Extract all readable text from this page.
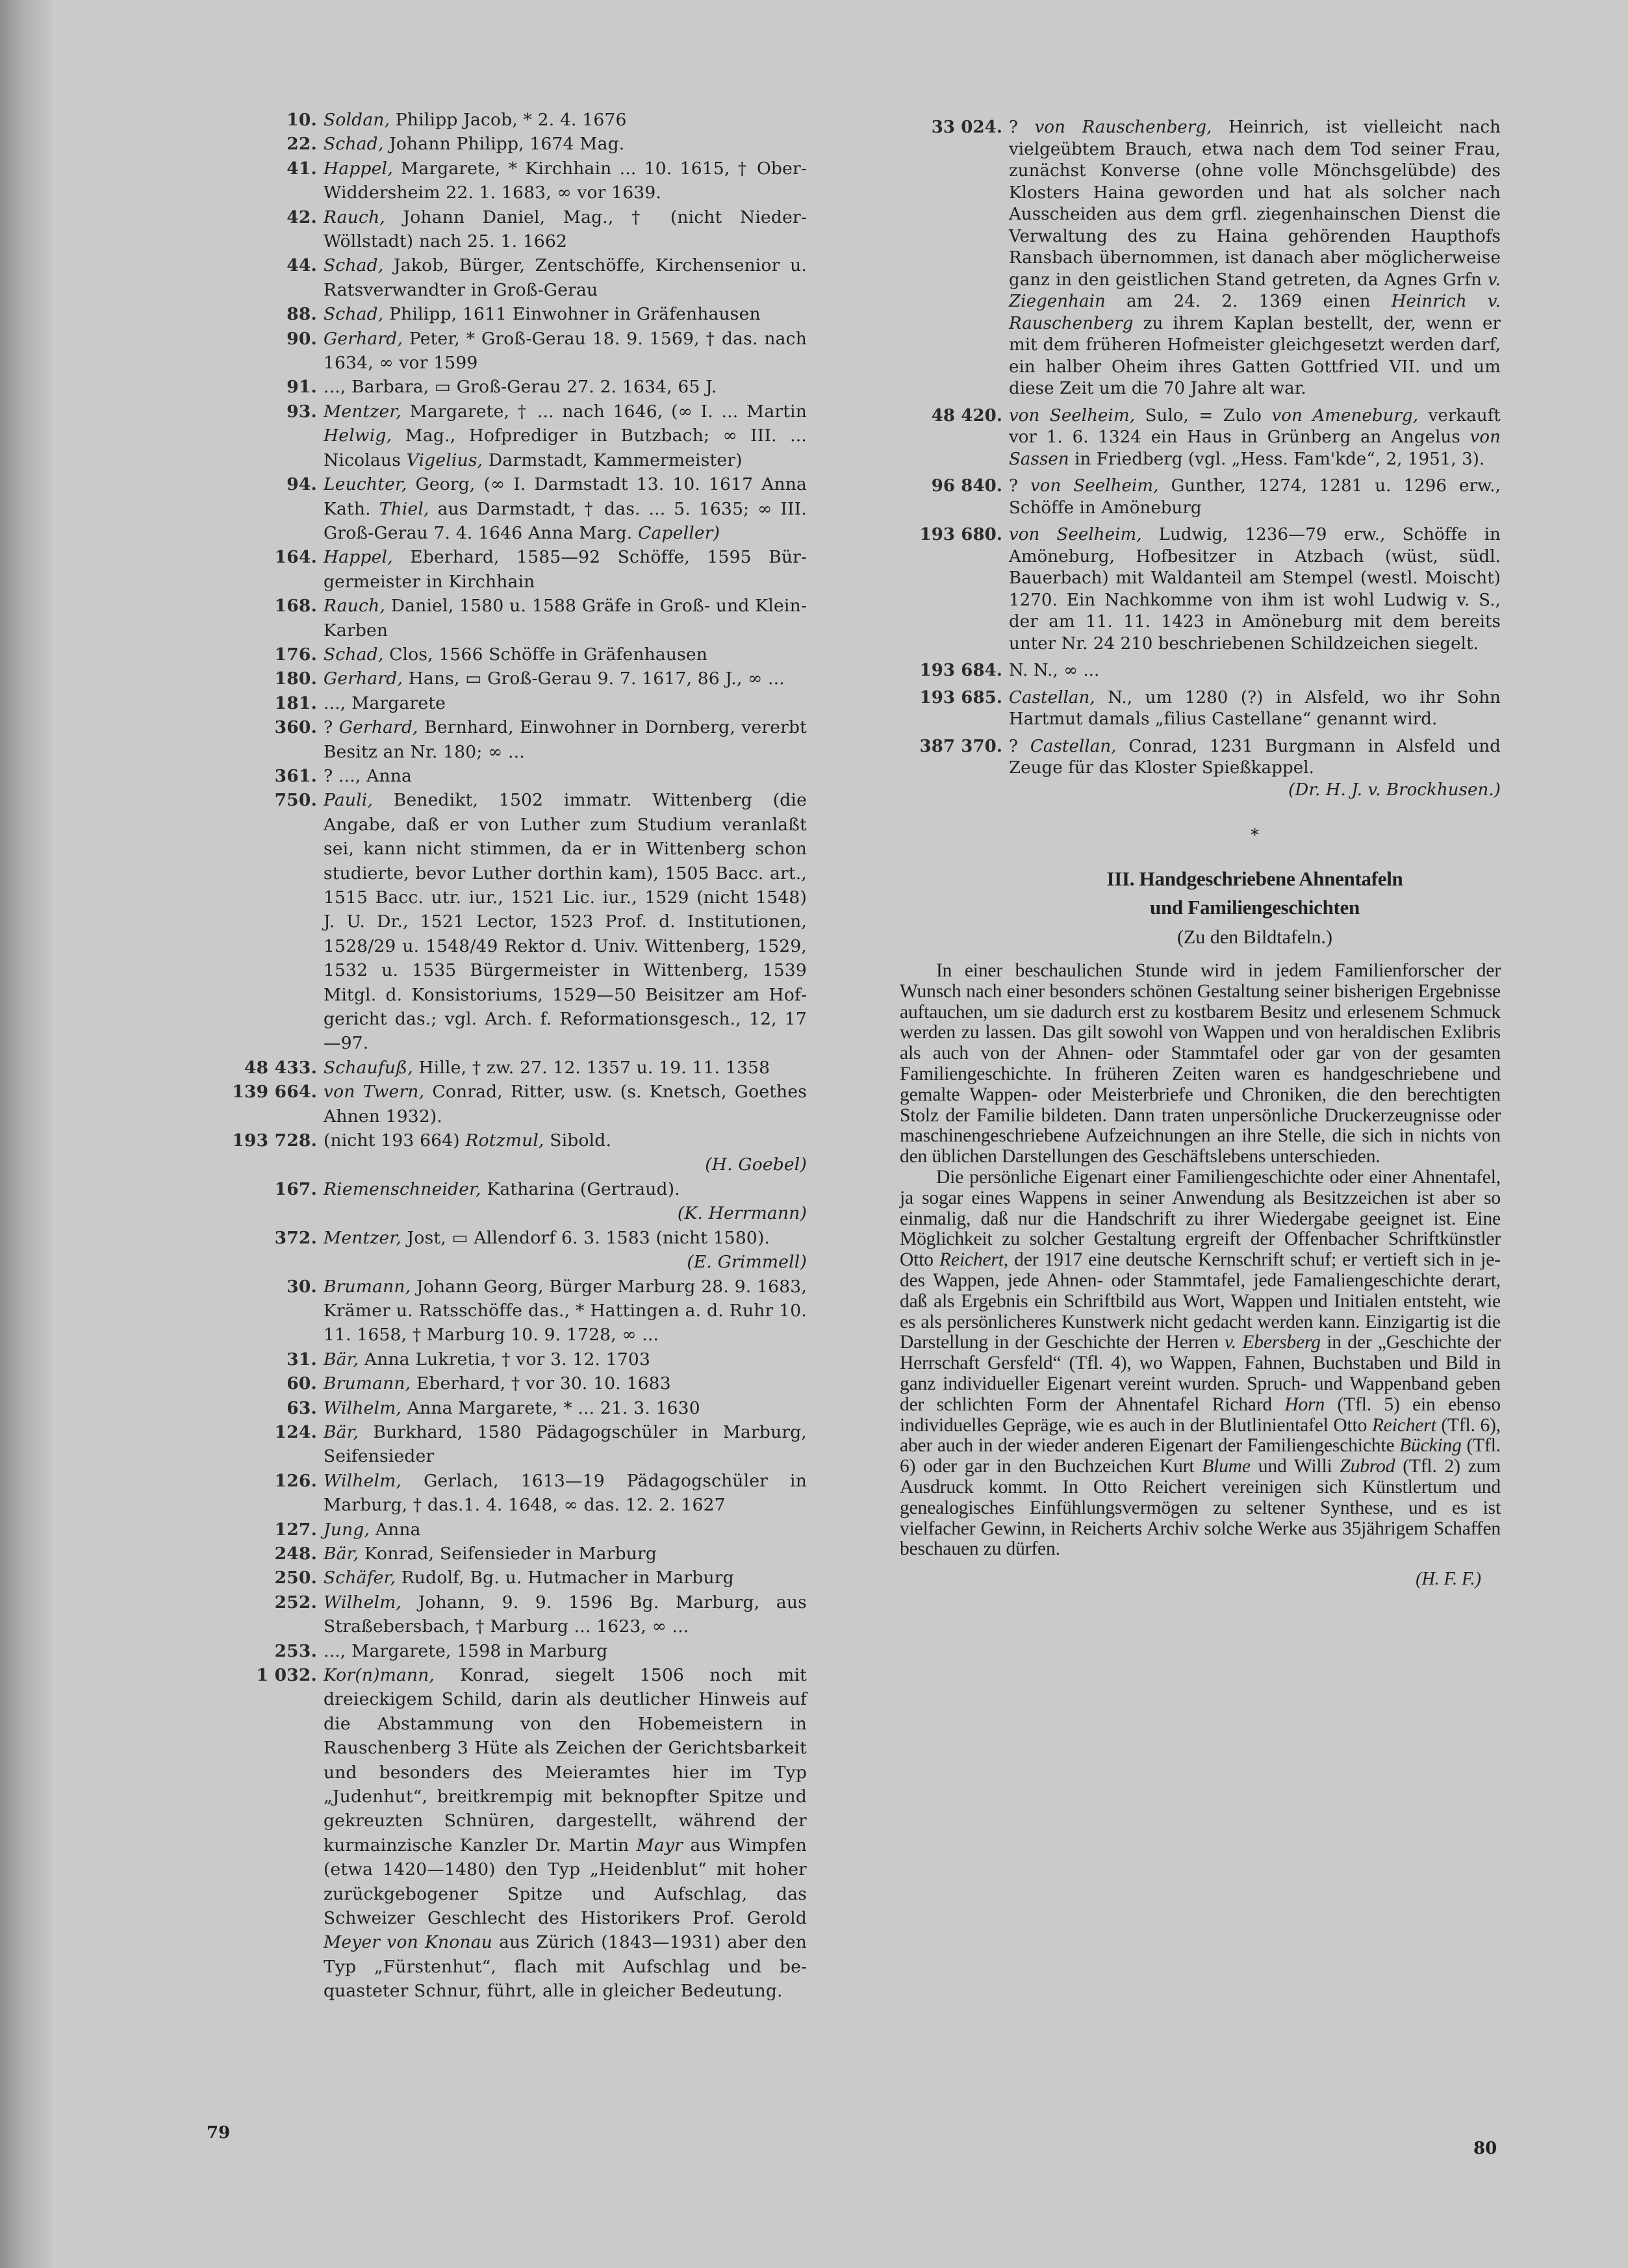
10. Soldan, Philipp Jacob, * 2. 4. 1676
22. Schad, Johann Philipp, 1674 Mag.
41. Happel, Margarete, * Kirchhain ... 10. 1615, † Ober-Widdersheim 22. 1. 1683, ∞ vor 1639.
42. Rauch, Johann Daniel, Mag., † (nicht Nieder-Wöllstadt) nach 25. 1. 1662
44. Schad, Jakob, Bürger, Zentschöffe, Kirchensenior u. Ratsverwandter in Groß-Gerau
88. Schad, Philipp, 1611 Einwohner in Gräfenhausen
90. Gerhard, Peter, * Groß-Gerau 18. 9. 1569, † das. nach 1634, ∞ vor 1599
91. ..., Barbara, ▭ Groß-Gerau 27. 2. 1634, 65 J.
93. Mentzer, Margarete, † ... nach 1646, (∞ I. ... Martin Helwig, Mag., Hofprediger in Butzbach; ∞ III. ... Nicolaus Vigelius, Darmstadt, Kammermeister)
94. Leuchter, Georg, (∞ I. Darmstadt 13. 10. 1617 Anna Kath. Thiel, aus Darmstadt, † das. ... 5. 1635; ∞ III. Groß-Gerau 7. 4. 1646 Anna Marg. Capeller)
164. Happel, Eberhard, 1585—92 Schöffe, 1595 Bürgermeister in Kirchhain
168. Rauch, Daniel, 1580 u. 1588 Gräfe in Groß- und Klein-Karben
176. Schad, Clos, 1566 Schöffe in Gräfenhausen
180. Gerhard, Hans, ▭ Groß-Gerau 9. 7. 1617, 86 J., ∞ ...
181. ..., Margarete
360. ? Gerhard, Bernhard, Einwohner in Dornberg, vererbt Besitz an Nr. 180; ∞ ...
361. ? ..., Anna
750. Pauli, Benedikt, 1502 immatr. Wittenberg (die Angabe, daß er von Luther zum Studium veranlaßt sei, kann nicht stimmen, da er in Wittenberg schon studierte, bevor Luther dorthin kam), 1505 Bacc. art., 1515 Bacc. utr. iur., 1521 Lic. iur., 1529 (nicht 1548) J. U. Dr., 1521 Lector, 1523 Prof. d. Institutionen, 1528/29 u. 1548/49 Rektor d. Univ. Wittenberg, 1529, 1532 u. 1535 Bürgermeister in Wittenberg, 1539 Mitgl. d. Konsistoriums, 1529—50 Beisitzer am Hofgericht das.; vgl. Arch. f. Reformationsgesch., 12, 17—97.
48 433. Schaufuß, Hille, † zw. 27. 12. 1357 u. 19. 11. 1358
139 664. von Twern, Conrad, Ritter, usw. (s. Knetsch, Goethes Ahnen 1932).
193 728. (nicht 193 664) Rotzmul, Sibold.
(H. Goebel)
167. Riemenschneider, Katharina (Gertraud).
(K. Herrmann)
372. Mentzer, Jost, ▭ Allendorf 6. 3. 1583 (nicht 1580).
(E. Grimmell)
30. Brumann, Johann Georg, Bürger Marburg 28. 9. 1683, Krämer u. Ratsschöffe das., * Hattingen a. d. Ruhr 10. 11. 1658, † Marburg 10. 9. 1728, ∞ ...
31. Bär, Anna Lukretia, † vor 3. 12. 1703
60. Brumann, Eberhard, † vor 30. 10. 1683
63. Wilhelm, Anna Margarete, * ... 21. 3. 1630
124. Bär, Burkhard, 1580 Pädagogschüler in Marburg, Seifensieder
126. Wilhelm, Gerlach, 1613—19 Pädagogschüler in Marburg, † das.1. 4. 1648, ∞ das. 12. 2. 1627
127. Jung, Anna
248. Bär, Konrad, Seifensieder in Marburg
250. Schäfer, Rudolf, Bg. u. Hutmacher in Marburg
252. Wilhelm, Johann, 9. 9. 1596 Bg. Marburg, aus Straßebersbach, † Marburg ... 1623, ∞ ...
253. ..., Margarete, 1598 in Marburg
1 032. Kor(n)mann, Konrad, siegelt 1506 noch mit dreieckigem Schild, darin als deutlicher Hinweis auf die Abstammung von den Hobemeistern in Rauschenberg 3 Hüte als Zeichen der Gerichtsbarkeit und besonders des Meieramtes hier im Typ „Judenhut“, breitkrempig mit beknopfter Spitze und gekreuzten Schnüren, dargestellt, während der kurmainzische Kanzler Dr. Martin Mayr aus Wimpfen (etwa 1420—1480) den Typ „Heidenblut“ mit hoher zurückgebogener Spitze und Aufschlag, das Schweizer Geschlecht des Historikers Prof. Gerold Meyer von Knonau aus Zürich (1843—1931) aber den Typ „Fürstenhut“, flach mit Aufschlag und bequasteter Schnur, führt, alle in gleicher Bedeutung.
33 024. ? von Rauschenberg, Heinrich, ist vielleicht nach vielgeübtem Brauch, etwa nach dem Tod seiner Frau, zunächst Konverse (ohne volle Mönchsgelübde) des Klosters Haina geworden und hat als solcher nach Ausscheiden aus dem grfl. ziegenhainschen Dienst die Verwaltung des zu Haina gehörenden Haupthofs Ransbach übernommen, ist danach aber möglicherweise ganz in den geistlichen Stand getreten, da Agnes Grfn v. Ziegenhain am 24. 2. 1369 einen Heinrich v. Rauschenberg zu ihrem Kaplan bestellt, der, wenn er mit dem früheren Hofmeister gleichgesetzt werden darf, ein halber Oheim ihres Gatten Gottfried VII. und um diese Zeit um die 70 Jahre alt war.
48 420. von Seelheim, Sulo, = Zulo von Ameneburg, verkauft vor 1. 6. 1324 ein Haus in Grünberg an Angelus von Sassen in Friedberg (vgl. „Hess. Fam'kde“, 2, 1951, 3).
96 840. ? von Seelheim, Gunther, 1274, 1281 u. 1296 erw., Schöffe in Amöneburg
193 680. von Seelheim, Ludwig, 1236—79 erw., Schöffe in Amöneburg, Hofbesitzer in Atzbach (wüst, südl. Bauerbach) mit Waldanteil am Stempel (westl. Moischt) 1270. Ein Nachkomme von ihm ist wohl Ludwig v. S., der am 11. 11. 1423 in Amöneburg mit dem bereits unter Nr. 24 210 beschriebenen Schildzeichen siegelt.
193 684. N. N., ∞ ...
193 685. Castellan, N., um 1280 (?) in Alsfeld, wo ihr Sohn Hartmut damals „filius Castellane“ genannt wird.
387 370. ? Castellan, Conrad, 1231 Burgmann in Alsfeld und Zeuge für das Kloster Spießkappel.
(Dr. H. J. v. Brockhusen.)
*
III. Handgeschriebene Ahnentafeln
und Familiengeschichten
(Zu den Bildtafeln.)

In einer beschaulichen Stunde wird in jedem Familienforscher der Wunsch nach einer besonders schönen Gestaltung seiner bisherigen Ergebnisse auftauchen, um sie dadurch erst zu kostbarem Besitz und erlesenem Schmuck werden zu lassen. Das gilt sowohl von Wappen und von heraldischen Exlibris als auch von der Ahnen- oder Stammtafel oder gar von der gesamten Familiengeschichte. In früheren Zeiten waren es handgeschriebene und gemalte Wappen- oder Meisterbriefe und Chroniken, die den berechtigten Stolz der Familie bildeten. Dann traten unpersönliche Druckerzeugnisse oder maschinengeschriebene Aufzeichnungen an ihre Stelle, die sich in nichts von den üblichen Darstellungen des Geschäftslebens unterschieden.

Die persönliche Eigenart einer Familiengeschichte oder einer Ahnentafel, ja sogar eines Wappens in seiner Anwendung als Besitzzeichen ist aber so einmalig, daß nur die Handschrift zu ihrer Wiedergabe geeignet ist. Eine Möglichkeit zu solcher Gestaltung ergreift der Offenbacher Schriftkünstler Otto Reichert, der 1917 eine deutsche Kernschrift schuf; er vertieft sich in jedes Wappen, jede Ahnen- oder Stammtafel, jede Famaliengeschichte derart, daß als Ergebnis ein Schriftbild aus Wort, Wappen und Initialen entsteht, wie es als persönlicheres Kunstwerk nicht gedacht werden kann. Einzigartig ist die Darstellung in der Geschichte der Herren v. Ebersberg in der „Geschichte der Herrschaft Gersfeld“ (Tfl. 4), wo Wappen, Fahnen, Buchstaben und Bild in ganz individueller Eigenart vereint wurden. Spruch- und Wappenband geben der schlichten Form der Ahnentafel Richard Horn (Tfl. 5) ein ebenso individuelles Gepräge, wie es auch in der Blutlinientafel Otto Reichert (Tfl. 6), aber auch in der wieder anderen Eigenart der Familiengeschichte Bücking (Tfl. 6) oder gar in den Buchzeichen Kurt Blume und Willi Zubrod (Tfl. 2) zum Ausdruck kommt. In Otto Reichert vereinigen sich Künstlertum und genealogisches Einfühlungsvermögen zu seltener Synthese, und es ist vielfacher Gewinn, in Reicherts Archiv solche Werke aus 35jährigem Schaffen beschauen zu dürfen.

(H. F. F.)
79
80
